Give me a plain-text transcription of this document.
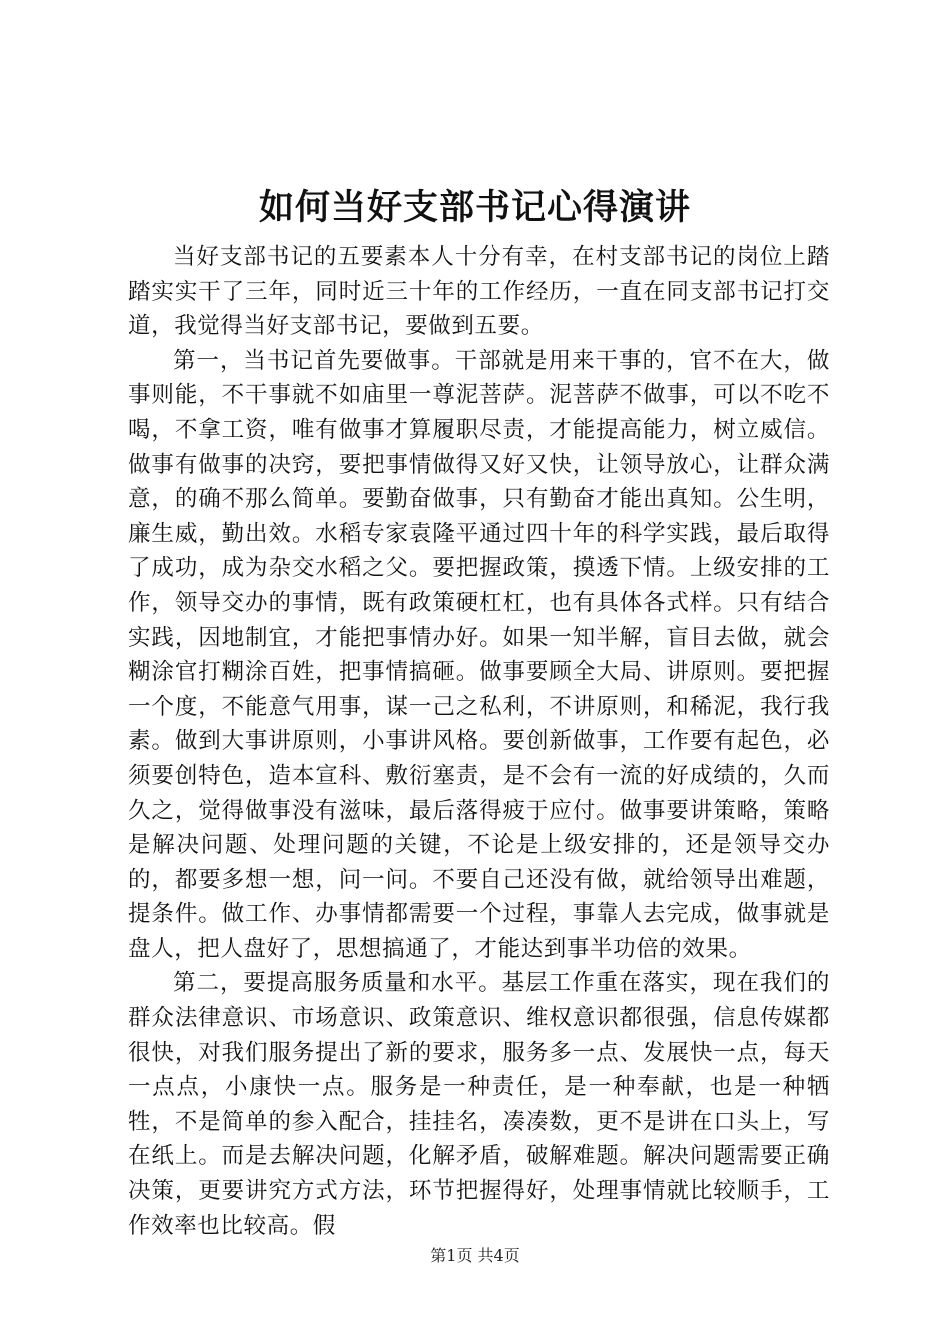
如何当好支部书记心得演讲

当好支部书记的五要素本人十分有幸，在村支部书记的岗位上踏踏实实干了三年，同时近三十年的工作经历，一直在同支部书记打交道，我觉得当好支部书记，要做到五要。

第一，当书记首先要做事。干部就是用来干事的，官不在大，做事则能，不干事就不如庙里一尊泥菩萨。泥菩萨不做事，可以不吃不喝，不拿工资，唯有做事才算履职尽责，才能提高能力，树立威信。做事有做事的决窍，要把事情做得又好又快，让领导放心，让群众满意，的确不那么简单。要勤奋做事，只有勤奋才能出真知。公生明，廉生威，勤出效。水稻专家袁隆平通过四十年的科学实践，最后取得了成功，成为杂交水稻之父。要把握政策，摸透下情。上级安排的工作，领导交办的事情，既有政策硬杠杠，也有具体各式样。只有结合实践，因地制宜，才能把事情办好。如果一知半解，盲目去做，就会糊涂官打糊涂百姓，把事情搞砸。做事要顾全大局、讲原则。要把握一个度，不能意气用事，谋一己之私利，不讲原则，和稀泥，我行我素。做到大事讲原则，小事讲风格。要创新做事，工作要有起色，必须要创特色，造本宣科、敷衍塞责，是不会有一流的好成绩的，久而久之，觉得做事没有滋味，最后落得疲于应付。做事要讲策略，策略是解决问题、处理问题的关键，不论是上级安排的，还是领导交办的，都要多想一想，问一问。不要自己还没有做，就给领导出难题，提条件。做工作、办事情都需要一个过程，事靠人去完成，做事就是盘人，把人盘好了，思想搞通了，才能达到事半功倍的效果。

第二，要提高服务质量和水平。基层工作重在落实，现在我们的群众法律意识、市场意识、政策意识、维权意识都很强，信息传媒都很快，对我们服务提出了新的要求，服务多一点、发展快一点，每天一点点，小康快一点。服务是一种责任，是一种奉献，也是一种牺牲，不是简单的参入配合，挂挂名，凑凑数，更不是讲在口头上，写在纸上。而是去解决问题，化解矛盾，破解难题。解决问题需要正确决策，更要讲究方式方法，环节把握得好，处理事情就比较顺手，工作效率也比较高。假

第1页 共4页
